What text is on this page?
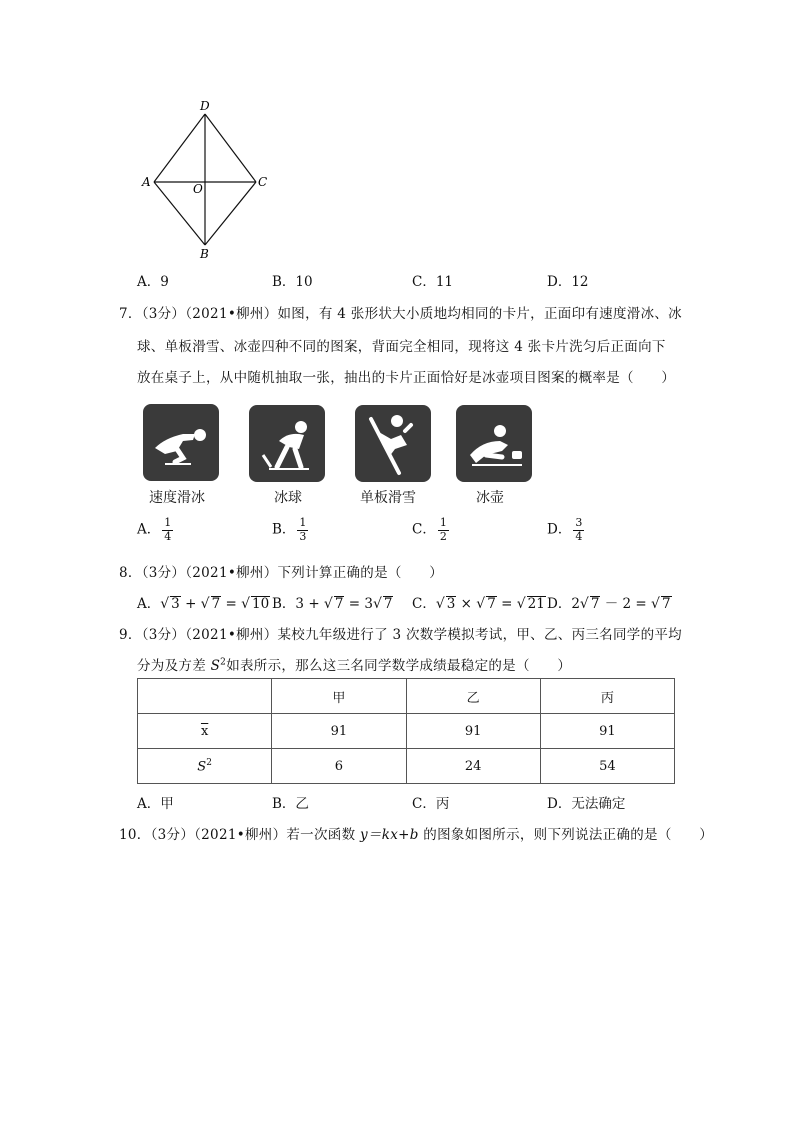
D
A	O	C
B
A．9	B．10	C．11	D．12
7．（3分）（2021•柳州）如图，有 4 张形状大小质地均相同的卡片，正面印有速度滑冰、冰
球、单板滑雪、冰壶四种不同的图案，背面完全相同，现将这 4 张卡片洗匀后正面向下
放在桌子上，从中随机抽取一张，抽出的卡片正面恰好是冰壶项目图案的概率是（　　）
速度滑冰	冰球	单板滑雪	冰壶
A． $\frac{1}{4}$	B． $\frac{1}{3}$	C． $\frac{1}{2}$	D． $\frac{3}{4}$
8．（3分）（2021•柳州）下列计算正确的是（　　）
A．√ 3 + √ 7 = √ 10 B．3 + √ 7 = 3√ 7 C．√ 3 × √ 7 = √ 21 D．2√ 7 － 2 = √ 7
9．（3分）（2021•柳州）某校九年级进行了 3 次数学模拟考试，甲、乙、丙三名同学的平均
分为及方差 $S^2$如表所示，那么这三名同学数学成绩最稳定的是（　　）
	甲	乙	丙
$\overline{x}$	91	91	91
$S^2$	6	24	54
A．甲	B．乙	C．丙	D．无法确定
10．（3分）（2021•柳州）若一次函数 y＝kx+b 的图象如图所示，则下列说法正确的是（　　）
